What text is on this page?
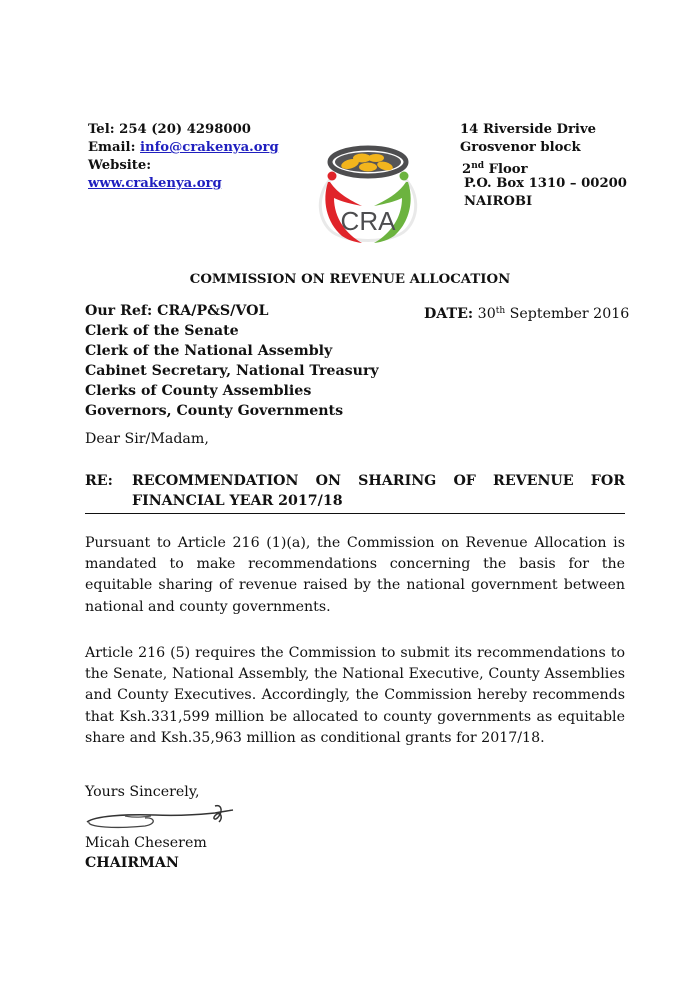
Tel: 254 (20) 4298000
Email: info@crakenya.org
Website:
www.crakenya.org
CRA
14 Riverside Drive
Grosvenor block
2nd Floor
P.O. Box 1310 – 00200
NAIROBI
COMMISSION ON REVENUE ALLOCATION
Our Ref: CRA/P&S/VOL
Clerk of the Senate
Clerk of the National Assembly
Cabinet Secretary, National Treasury
Clerks of County Assemblies
Governors, County Governments
DATE: 30th September 2016
Dear Sir/Madam,
RE: RECOMMENDATION ON SHARING OF REVENUE FOR
FINANCIAL YEAR 2017/18
Pursuant to Article 216 (1)(a), the Commission on Revenue Allocation is mandated to make recommendations concerning the basis for the equitable sharing of revenue raised by the national government between national and county governments.
Article 216 (5) requires the Commission to submit its recommendations to the Senate, National Assembly, the National Executive, County Assemblies and County Executives. Accordingly, the Commission hereby recommends that Ksh.331,599 million be allocated to county governments as equitable share and Ksh.35,963 million as conditional grants for 2017/18.
Yours Sincerely,
Micah Cheserem
CHAIRMAN
